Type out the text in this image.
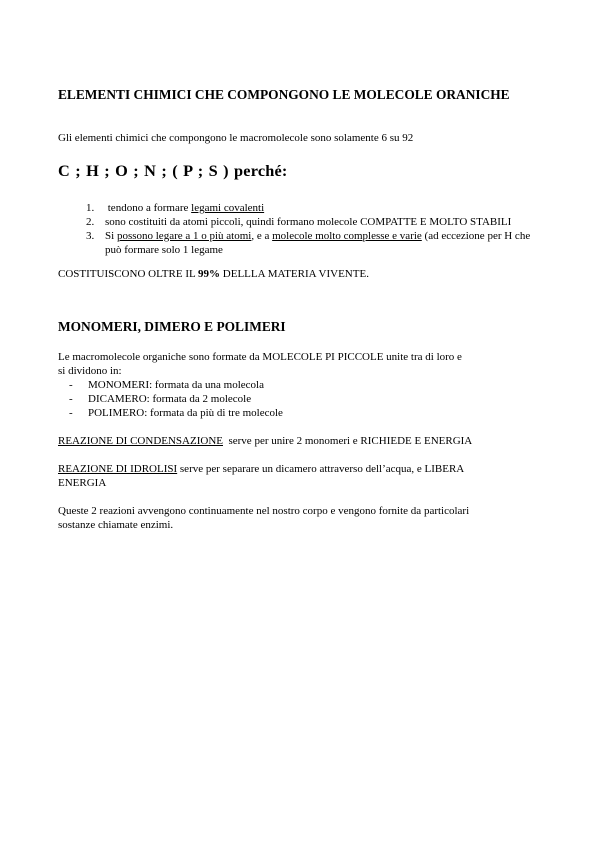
ELEMENTI CHIMICI CHE COMPONGONO LE MOLECOLE ORANICHE
Gli elementi chimici che compongono le macromolecole sono solamente 6 su 92
C ; H ; O ; N ; ( P ; S ) perché:
1. tendono a formare legami covalenti
2. sono costituiti da atomi piccoli, quindi formano molecole COMPATTE E MOLTO STABILI
3. Si possono legare a 1 o più atomi, e a molecole molto complesse e varie (ad eccezione per H che può formare solo 1 legame
COSTITUISCONO OLTRE IL 99% DELLLA MATERIA VIVENTE.
MONOMERI, DIMERO E POLIMERI
Le macromolecole organiche sono formate da MOLECOLE PI PICCOLE unite tra di loro e
si dividono in:
- MONOMERI: formata da una molecola
- DICAMERO: formata da 2 molecole
- POLIMERO: formata da più di tre molecole
REAZIONE DI CONDENSAZIONE  serve per unire 2 monomeri e RICHIEDE E ENERGIA
REAZIONE DI IDROLISI serve per separare un dicamero attraverso dell’acqua, e LIBERA
ENERGIA
Queste 2 reazioni avvengono continuamente nel nostro corpo e vengono fornite da particolari
sostanze chiamate enzimi.
